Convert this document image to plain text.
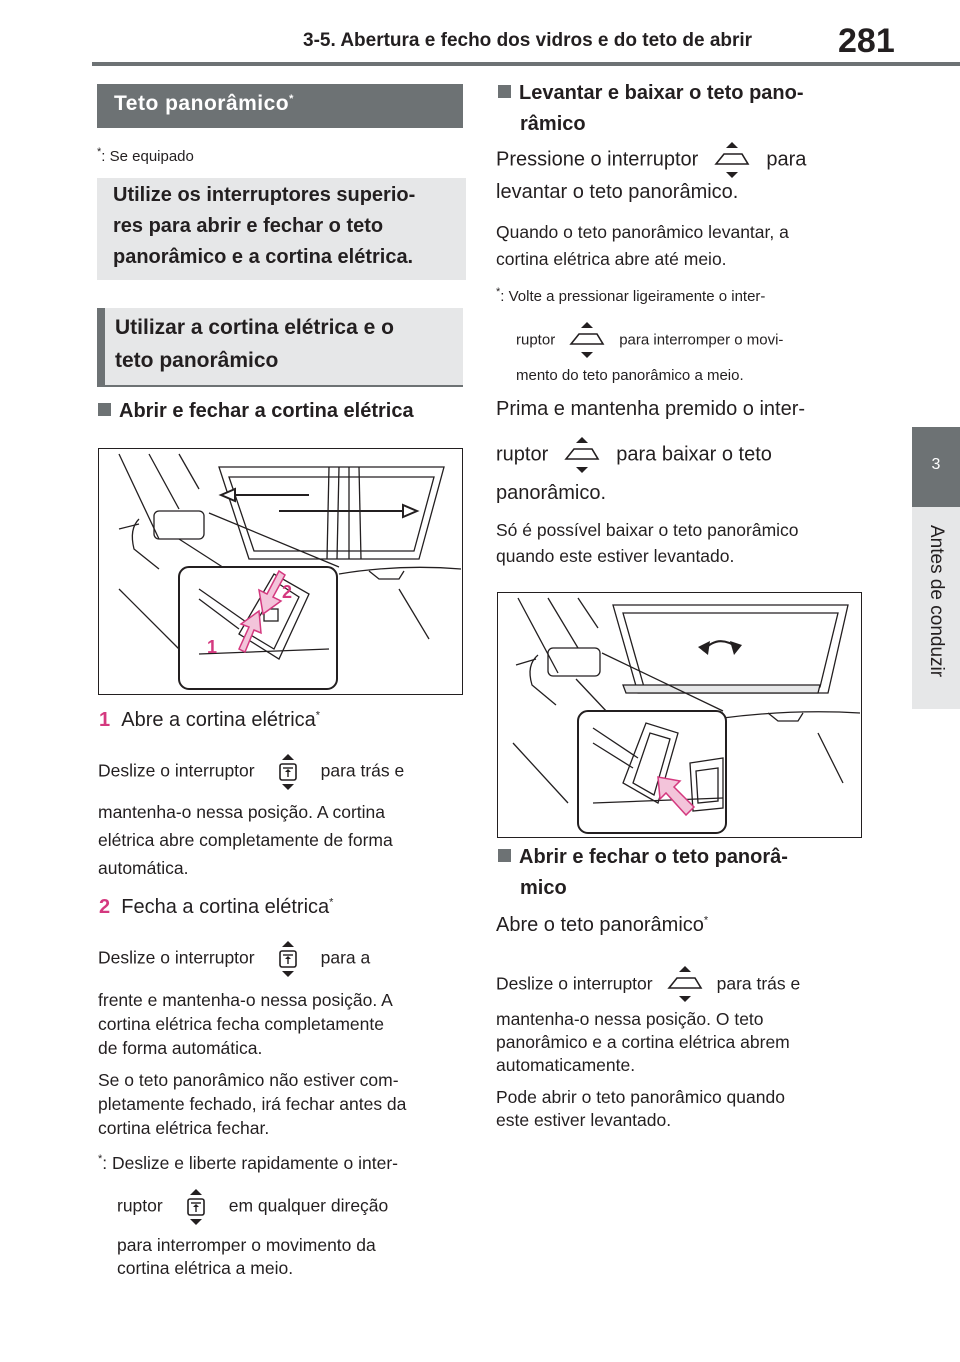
3-5. Abertura e fecho dos vidros e do teto de abrir	281
3
Antes de conduzir
Teto panorâmico*
*: Se equipado
Utilize os interruptores superio-
res para abrir e fechar o teto
panorâmico e a cortina elétrica.
Utilizar a cortina elétrica e o
teto panorâmico
Abrir e fechar a cortina elétrica
2
1
1 Abre a cortina elétrica*
Deslize o interruptor	para trás e
mantenha-o nessa posição. A cortina
elétrica abre completamente de forma
automática.
2 Fecha a cortina elétrica*
Deslize o interruptor	para a
frente e mantenha-o nessa posição. A
cortina elétrica fecha completamente
de forma automática.
Se o teto panorâmico não estiver com-
pletamente fechado, irá fechar antes da
cortina elétrica fechar.
*: Deslize e liberte rapidamente o inter-
ruptor	em qualquer direção
para interromper o movimento da
cortina elétrica a meio.
Levantar e baixar o teto pano-
râmico
Pressione o interruptor	para
levantar o teto panorâmico.
Quando o teto panorâmico levantar, a
cortina elétrica abre até meio.
*: Volte a pressionar ligeiramente o inter-
ruptor	para interromper o movi-
mento do teto panorâmico a meio.
Prima e mantenha premido o inter-
ruptor	para baixar o teto
panorâmico.
Só é possível baixar o teto panorâmico
quando este estiver levantado.
Abrir e fechar o teto panorâ-
mico
Abre o teto panorâmico*
Deslize o interruptor	para trás e
mantenha-o nessa posição. O teto
panorâmico e a cortina elétrica abrem
automaticamente.
Pode abrir o teto panorâmico quando
este estiver levantado.
